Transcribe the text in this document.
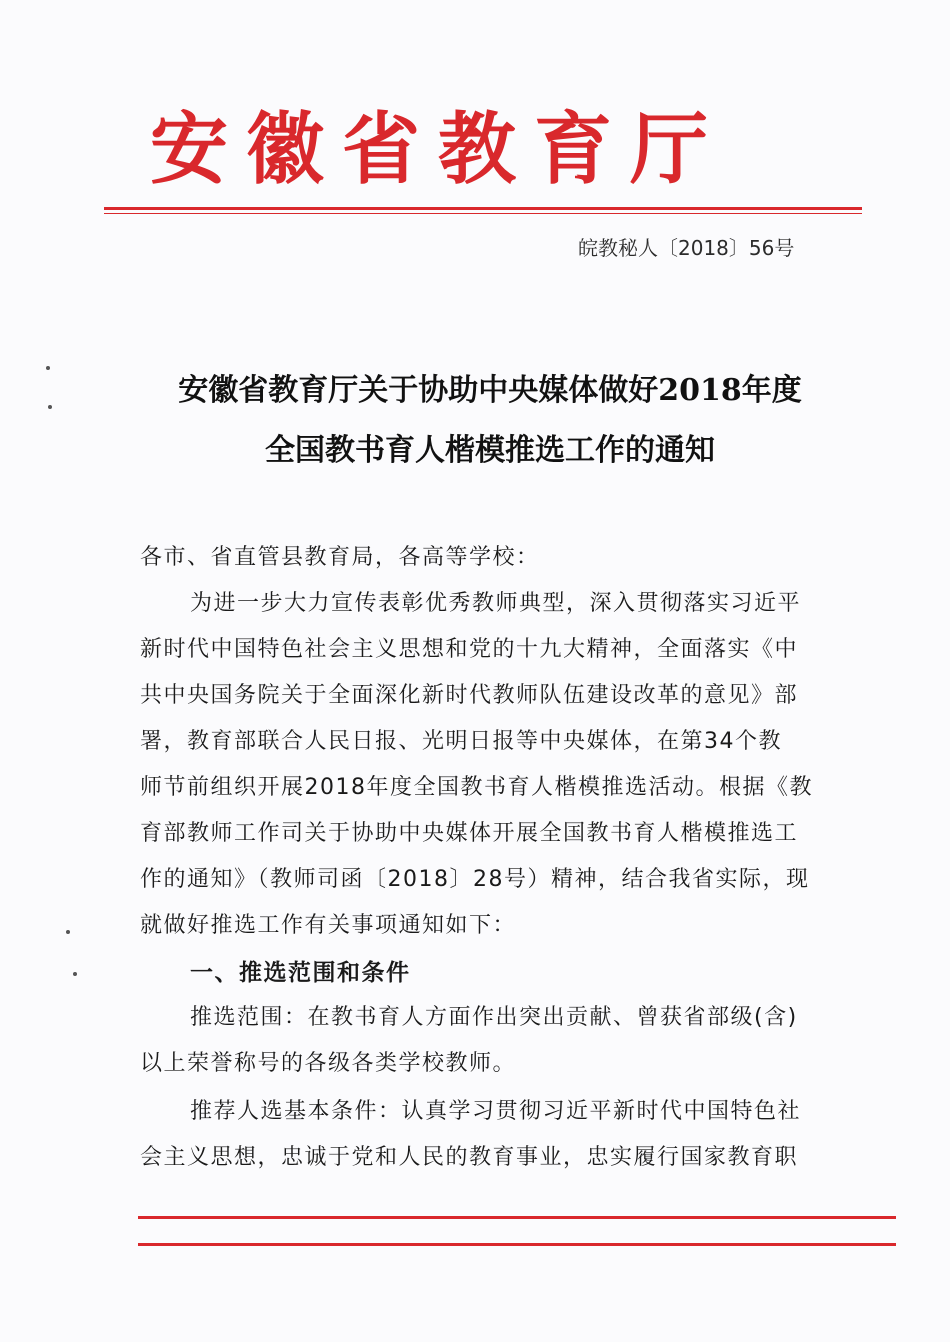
安徽省教育厅
皖教秘人〔2018〕56号
安徽省教育厅关于协助中央媒体做好2018年度
全国教书育人楷模推选工作的通知
各市、省直管县教育局，各高等学校：
为进一步大力宣传表彰优秀教师典型，深入贯彻落实习近平
新时代中国特色社会主义思想和党的十九大精神，全面落实《中
共中央国务院关于全面深化新时代教师队伍建设改革的意见》部
署，教育部联合人民日报、光明日报等中央媒体，在第34个教
师节前组织开展2018年度全国教书育人楷模推选活动。根据《教
育部教师工作司关于协助中央媒体开展全国教书育人楷模推选工
作的通知》（教师司函〔2018〕28号）精神，结合我省实际，现
就做好推选工作有关事项通知如下：
一、推选范围和条件
推选范围：在教书育人方面作出突出贡献、曾获省部级(含)
以上荣誉称号的各级各类学校教师。
推荐人选基本条件：认真学习贯彻习近平新时代中国特色社
会主义思想，忠诚于党和人民的教育事业，忠实履行国家教育职
